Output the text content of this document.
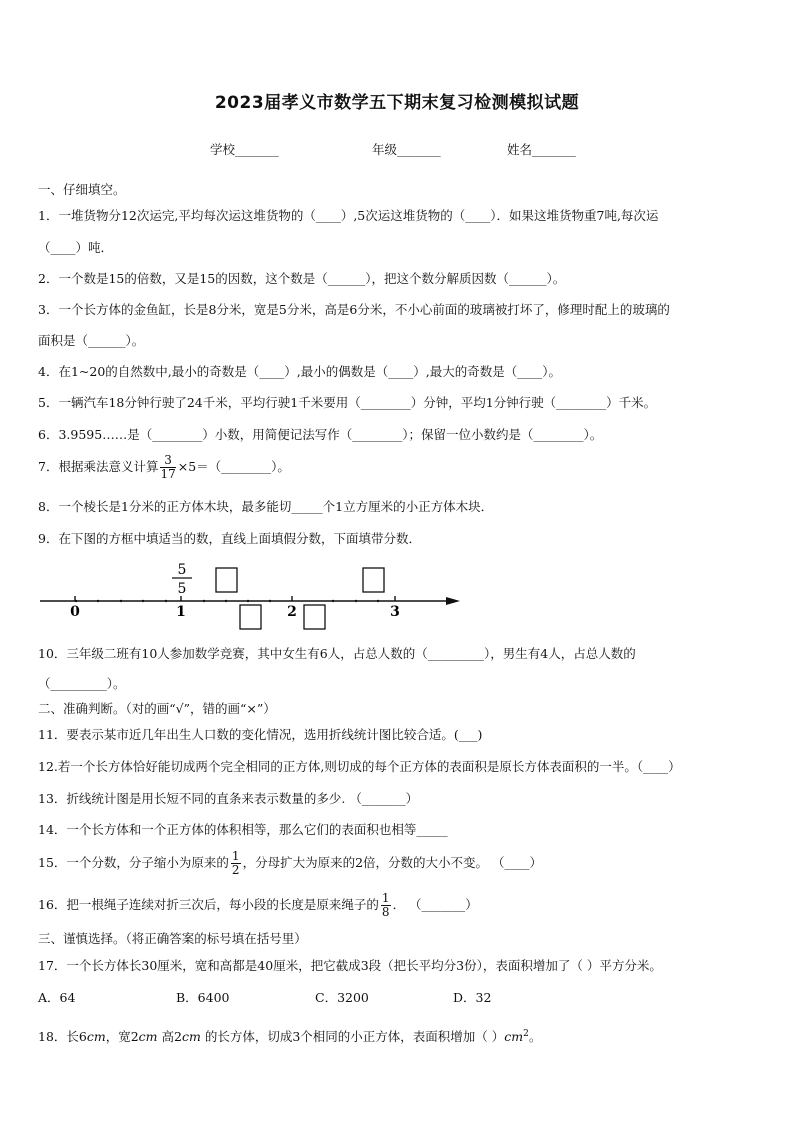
2023届孝义市数学五下期末复习检测模拟试题
学校_______	年级_______	姓名_______
一、仔细填空。
1．一堆货物分12次运完,平均每次运这堆货物的（____）,5次运这堆货物的（____）．如果这堆货物重7吨,每次运
（____）吨．
2．一个数是15的倍数，又是15的因数，这个数是（______），把这个数分解质因数（______）。
3．一个长方体的金鱼缸，长是8分米，宽是5分米，高是6分米，不小心前面的玻璃被打坏了，修理时配上的玻璃的
面积是（______）。
4．在1~20的自然数中,最小的奇数是（____）,最小的偶数是（____）,最大的奇数是（____）。
5．一辆汽车18分钟行驶了24千米，平均行驶1千米要用（________）分钟，平均1分钟行驶（________）千米。
6．3.9595……是（________）小数，用简便记法写作（________）；保留一位小数约是（________）。
7．根据乘法意义计算 $\frac{3}{17}$ ×5＝（________）。
8．一个棱长是1分米的正方体木块，最多能切_____个1立方厘米的小正方体木块．
9．在下图的方框中填适当的数，直线上面填假分数，下面填带分数．
0	1	2	3
5
5
10．三年级二班有10人参加数学竞赛，其中女生有6人，占总人数的（_________），男生有4人，占总人数的
（_________）。
二、准确判断。（对的画“√”，错的画“×”）
11．要表示某市近几年出生人口数的变化情况，选用折线统计图比较合适。(___)
12.若一个长方体恰好能切成两个完全相同的正方体,则切成的每个正方体的表面积是原长方体表面积的一半。（____）
13．折线统计图是用长短不同的直条来表示数量的多少. （_______）
14．一个长方体和一个正方体的体积相等，那么它们的表面积也相等_____
15．一个分数，分子缩小为原来的 $\frac{1}{2}$ ，分母扩大为原来的2倍，分数的大小不变。 （____）
16．把一根绳子连续对折三次后，每小段的长度是原来绳子的 $\frac{1}{8}$ ． （_______）
三、谨慎选择。（将正确答案的标号填在括号里）
17．一个长方体长30厘米，宽和高都是40厘米，把它截成3段（把长平均分3份），表面积增加了（ ）平方分米。
A．64	B．6400	C．3200	D．32
18．长6cm，宽2cm 高2cm 的长方体，切成3个相同的小正方体，表面积增加（ ）$cm^2$。
